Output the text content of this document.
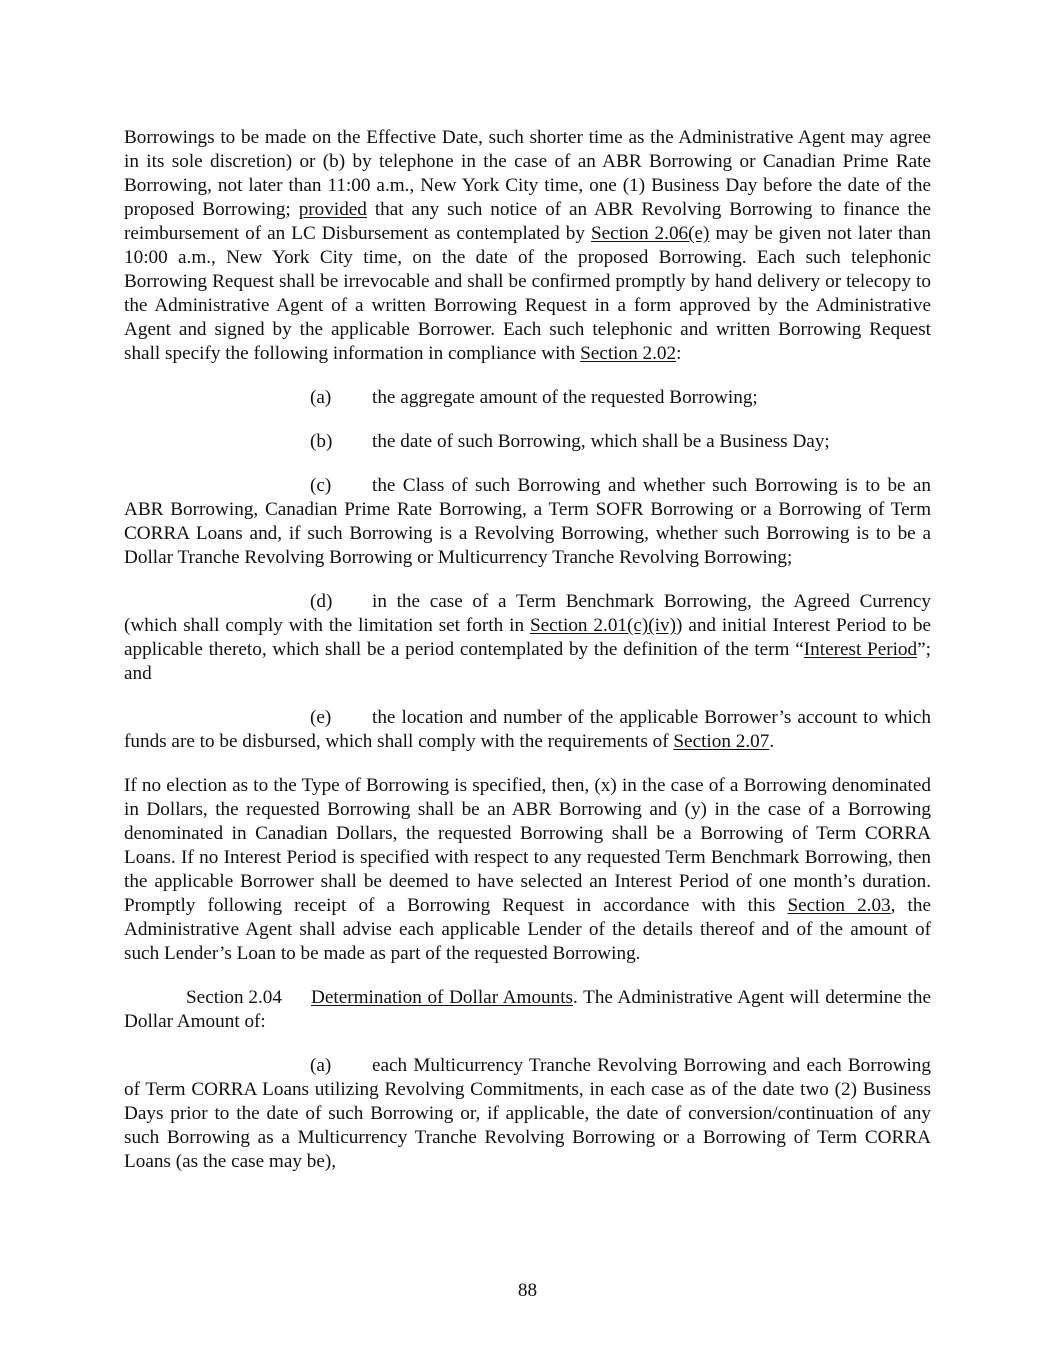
Borrowings to be made on the Effective Date, such shorter time as the Administrative Agent may agree in its sole discretion) or (b) by telephone in the case of an ABR Borrowing or Canadian Prime Rate Borrowing, not later than 11:00 a.m., New York City time, one (1) Business Day before the date of the proposed Borrowing; provided that any such notice of an ABR Revolving Borrowing to finance the reimbursement of an LC Disbursement as contemplated by Section 2.06(e) may be given not later than 10:00 a.m., New York City time, on the date of the proposed Borrowing. Each such telephonic Borrowing Request shall be irrevocable and shall be confirmed promptly by hand delivery or telecopy to the Administrative Agent of a written Borrowing Request in a form approved by the Administrative Agent and signed by the applicable Borrower. Each such telephonic and written Borrowing Request shall specify the following information in compliance with Section 2.02:

(a) the aggregate amount of the requested Borrowing;

(b) the date of such Borrowing, which shall be a Business Day;

(c) the Class of such Borrowing and whether such Borrowing is to be an ABR Borrowing, Canadian Prime Rate Borrowing, a Term SOFR Borrowing or a Borrowing of Term CORRA Loans and, if such Borrowing is a Revolving Borrowing, whether such Borrowing is to be a Dollar Tranche Revolving Borrowing or Multicurrency Tranche Revolving Borrowing;

(d) in the case of a Term Benchmark Borrowing, the Agreed Currency (which shall comply with the limitation set forth in Section 2.01(c)(iv)) and initial Interest Period to be applicable thereto, which shall be a period contemplated by the definition of the term “Interest Period”; and

(e) the location and number of the applicable Borrower’s account to which funds are to be disbursed, which shall comply with the requirements of Section 2.07.

If no election as to the Type of Borrowing is specified, then, (x) in the case of a Borrowing denominated in Dollars, the requested Borrowing shall be an ABR Borrowing and (y) in the case of a Borrowing denominated in Canadian Dollars, the requested Borrowing shall be a Borrowing of Term CORRA Loans. If no Interest Period is specified with respect to any requested Term Benchmark Borrowing, then the applicable Borrower shall be deemed to have selected an Interest Period of one month’s duration. Promptly following receipt of a Borrowing Request in accordance with this Section 2.03, the Administrative Agent shall advise each applicable Lender of the details thereof and of the amount of such Lender’s Loan to be made as part of the requested Borrowing.

Section 2.04 Determination of Dollar Amounts. The Administrative Agent will determine the Dollar Amount of:

(a) each Multicurrency Tranche Revolving Borrowing and each Borrowing of Term CORRA Loans utilizing Revolving Commitments, in each case as of the date two (2) Business Days prior to the date of such Borrowing or, if applicable, the date of conversion/continuation of any such Borrowing as a Multicurrency Tranche Revolving Borrowing or a Borrowing of Term CORRA Loans (as the case may be),

88
